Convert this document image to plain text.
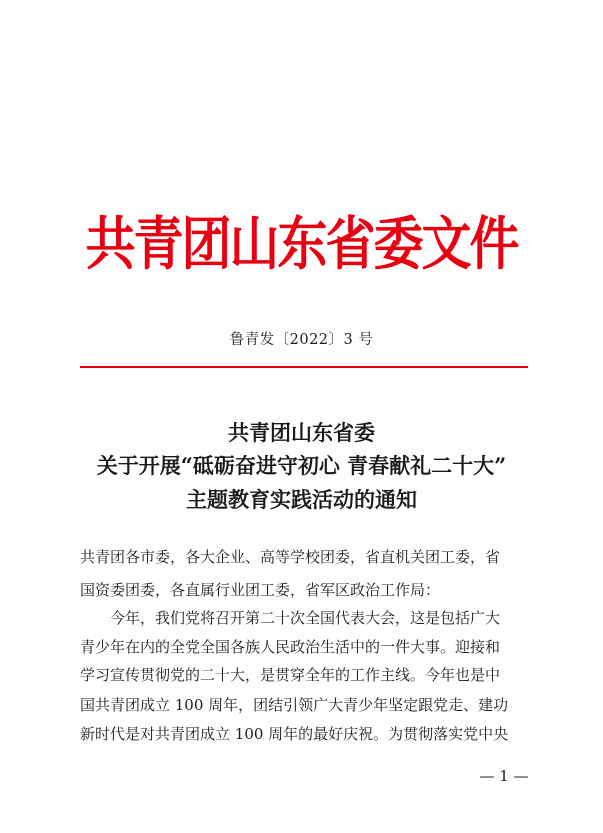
共青团山东省委文件
鲁青发〔2022〕3 号
共青团山东省委
关于开展“砥砺奋进守初心 青春献礼二十大”
主题教育实践活动的通知
共青团各市委，各大企业、高等学校团委，省直机关团工委，省
国资委团委，各直属行业团工委，省军区政治工作局：
　　今年，我们党将召开第二十次全国代表大会，这是包括广大
青少年在内的全党全国各族人民政治生活中的一件大事。迎接和
学习宣传贯彻党的二十大，是贯穿全年的工作主线。今年也是中
国共青团成立 100 周年，团结引领广大青少年坚定跟党走、建功
新时代是对共青团成立 100 周年的最好庆祝。为贯彻落实党中央
— 1 —
